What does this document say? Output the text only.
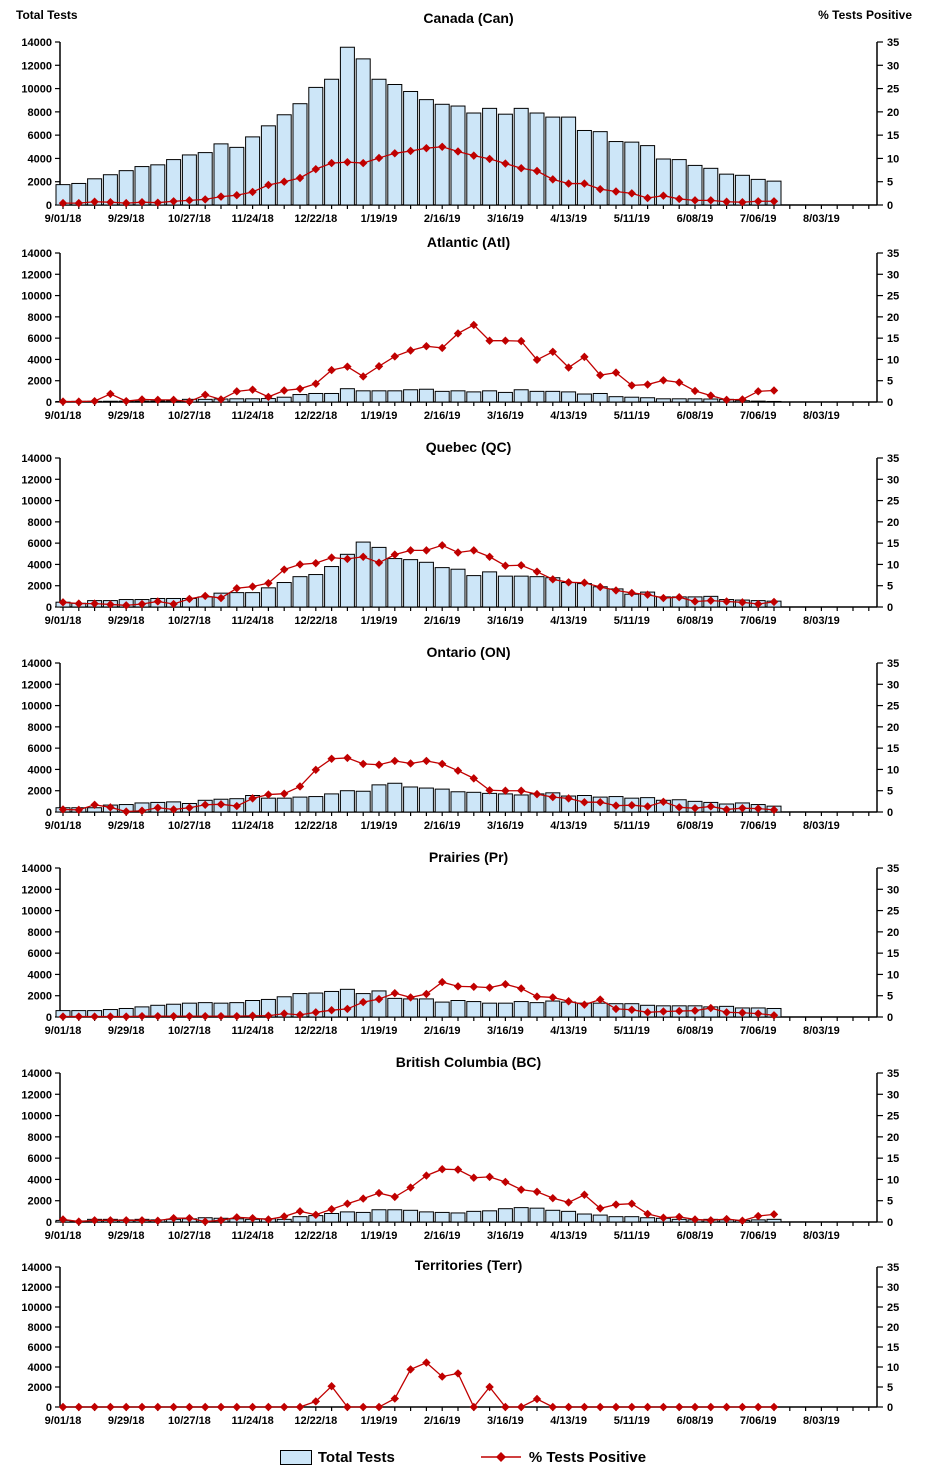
Total Tests	Canada (Can)	% Tests Positive
0
2000
4000
6000
8000
10000
12000
14000
0
5
10
15
20
25
30
35
9/01/18 9/29/18 10/27/18 11/24/18 12/22/18 1/19/19 2/16/19 3/16/19 4/13/19 5/11/19 6/08/19 7/06/19 8/03/19
Atlantic (Atl)
0
2000
4000
6000
8000
10000
12000
14000
0
5
10
15
20
25
30
35
9/01/18 9/29/18 10/27/18 11/24/18 12/22/18 1/19/19 2/16/19 3/16/19 4/13/19 5/11/19 6/08/19 7/06/19 8/03/19
Quebec (QC)
0
2000
4000
6000
8000
10000
12000
14000
0
5
10
15
20
25
30
35
9/01/18 9/29/18 10/27/18 11/24/18 12/22/18 1/19/19 2/16/19 3/16/19 4/13/19 5/11/19 6/08/19 7/06/19 8/03/19
Ontario (ON)
0
2000
4000
6000
8000
10000
12000
14000
0
5
10
15
20
25
30
35
9/01/18 9/29/18 10/27/18 11/24/18 12/22/18 1/19/19 2/16/19 3/16/19 4/13/19 5/11/19 6/08/19 7/06/19 8/03/19
Prairies (Pr)
0
2000
4000
6000
8000
10000
12000
14000
0
5
10
15
20
25
30
35
9/01/18 9/29/18 10/27/18 11/24/18 12/22/18 1/19/19 2/16/19 3/16/19 4/13/19 5/11/19 6/08/19 7/06/19 8/03/19
British Columbia (BC)
0
2000
4000
6000
8000
10000
12000
14000
0
5
10
15
20
25
30
35
9/01/18 9/29/18 10/27/18 11/24/18 12/22/18 1/19/19 2/16/19 3/16/19 4/13/19 5/11/19 6/08/19 7/06/19 8/03/19
Territories (Terr)
0
2000
4000
6000
8000
10000
12000
14000
0
5
10
15
20
25
30
35
9/01/18 9/29/18 10/27/18 11/24/18 12/22/18 1/19/19 2/16/19 3/16/19 4/13/19 5/11/19 6/08/19 7/06/19 8/03/19
Total Tests	% Tests Positive
